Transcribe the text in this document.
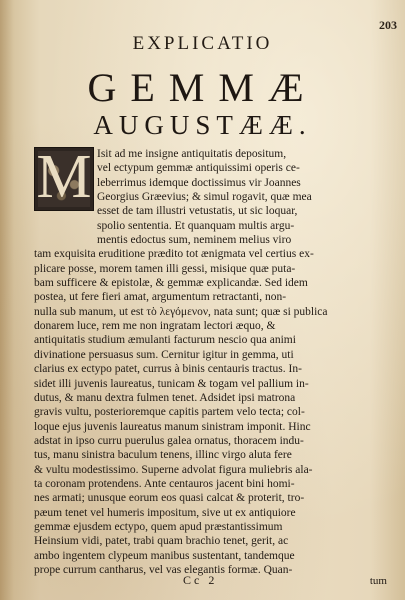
203
EXPLICATIO
GEMMÆ
AUGUSTÆÆ.
M Isit ad me insigne antiquitatis depositum,
vel ectypum gemmæ antiquissimi operis ce-
leberrimus idemque doctissimus vir Joannes
Georgius Græevius; & simul rogavit, quæ mea
esset de tam illustri vetustatis, ut sic loquar,
spolio sententia. Et quanquam multis argu-
mentis edoctus sum, neminem melius viro
tam exquisita eruditione prædito tot ænigmata vel certius ex-
plicare posse, morem tamen illi gessi, misique quæ puta-
bam sufficere & epistolæ, & gemmæ explicandæ. Sed idem
postea, ut fere fieri amat, argumentum retractanti, non-
nulla sub manum, ut est τὸ λεγόμενον, nata sunt; quæ si publica
donarem luce, rem me non ingratam lectori æquo, &
antiquitatis studium æmulanti facturum nescio qua animi
divinatione persuasus sum. Cernitur igitur in gemma, uti
clarius ex ectypo patet, currus à binis centauris tractus. In-
sidet illi juvenis laureatus, tunicam & togam vel pallium in-
dutus, & manu dextra fulmen tenet. Adsidet ipsi matrona
gravis vultu, posterioremque capitis partem velo tecta; col-
loque ejus juvenis laureatus manum sinistram imponit. Hinc
adstat in ipso curru puerulus galea ornatus, thoracem indu-
tus, manu sinistra baculum tenens, illinc virgo aluta fere
& vultu modestissimo. Superne advolat figura muliebris ala-
ta coronam protendens. Ante centauros jacent bini homi-
nes armati; unusque eorum eos quasi calcat & proterit, tro-
pæum tenet vel humeris impositum, sive ut ex antiquiore
gemmæ ejusdem ectypo, quem apud præstantissimum
Heinsium vidi, patet, trabi quam brachio tenet, gerit, ac
ambo ingentem clypeum manibus sustentant, tandemque
prope currum cantharus, vel vas elegantis formæ. Quan-
Cc 2	tum
